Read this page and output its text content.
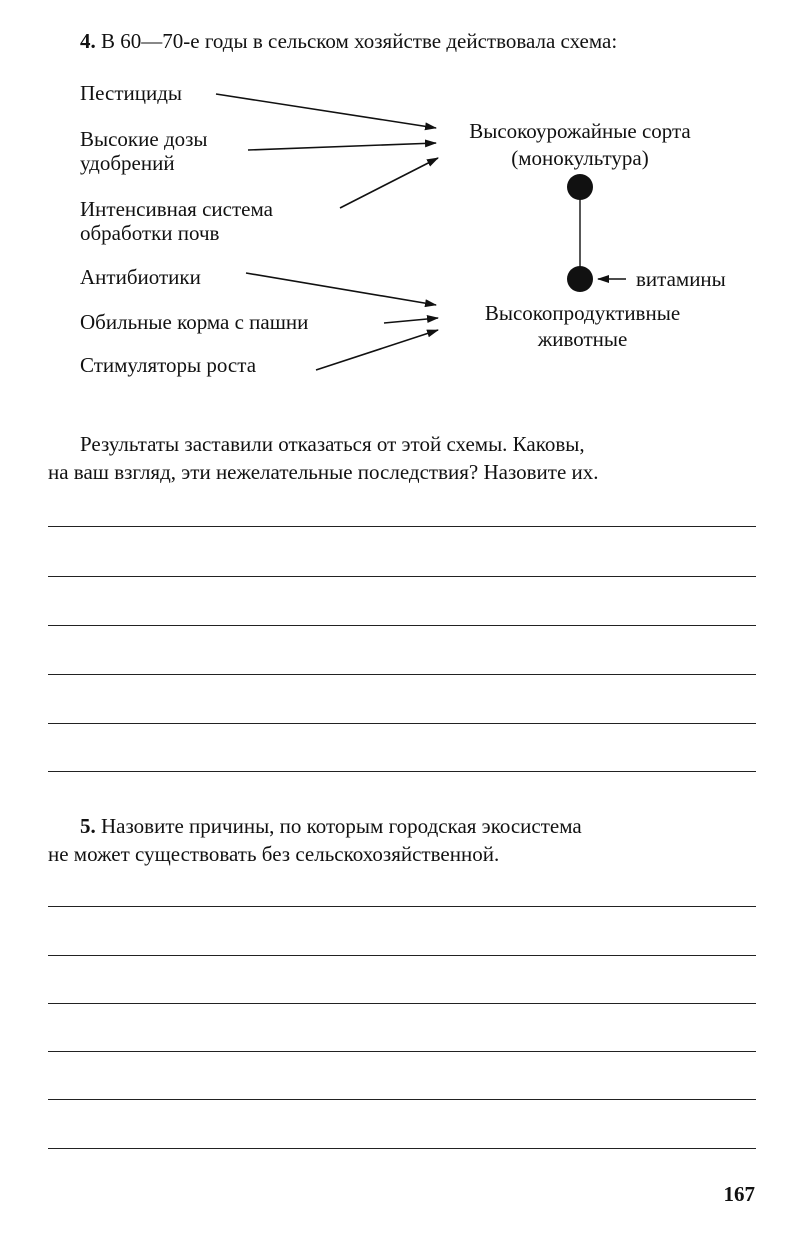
4. В 60—70-е годы в сельском хозяйстве действовала схема:
Пестициды
Высокие дозы
удобрений
Интенсивная система
обработки почв
Антибиотики
Обильные корма с пашни
Стимуляторы роста
Высокоурожайные сорта
(монокультура)
витамины
Высокопродуктивные
животные
Результаты заставили отказаться от этой схемы. Каковы,
на ваш взгляд, эти нежелательные последствия? Назовите их.
5. Назовите причины, по которым городская экосистема
не может существовать без сельскохозяйственной.
167
